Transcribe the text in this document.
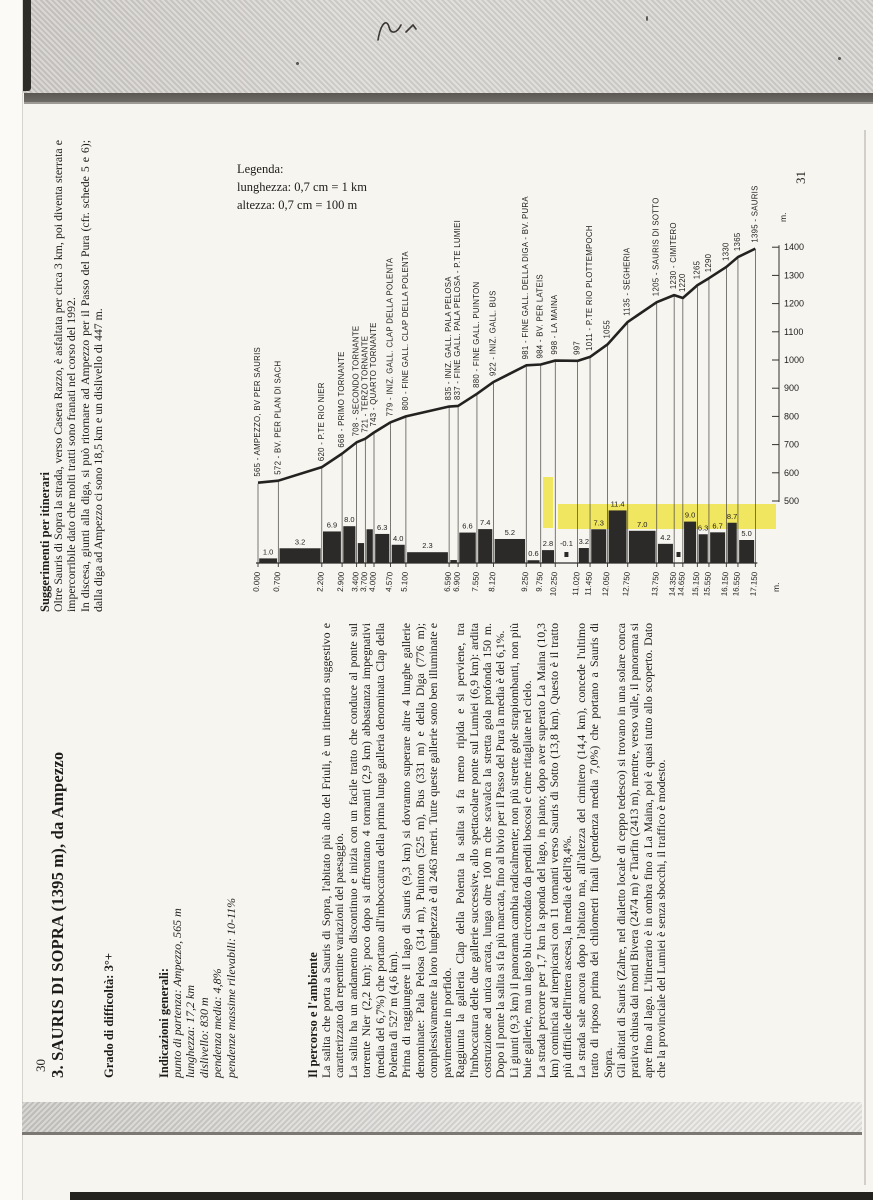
Suggerimenti per itinerari Oltre Sauris di Sopra la strada, verso Casera Razzo, è asfaltata per circa 3 km, poi diventa sterrata e impercorribile dato che molti tratti sono franati nel corso del 1992. In discesa, giunti alla diga, si può ritornare ad Ampezzo per il Passo del Pura (cfr. schede 5 e 6); dalla diga ad Ampezzo ci sono 18,5 km e un dislivello di 447 m.

31
Legenda:
lunghezza: 0,7 cm = 1 km
altezza: 0,7 cm = 100 m
1.0
3.2
6.9
8.0
6.3
4.0
2.3
6.6 7.4
5.2
0.6
2.8 -0.1 3.2
7.3
11.4
7.0
4.2
9.0
6.3 6.7
8.7
5.0
0.000
565 - AMPEZZO, BV PER SAURIS
0.700
572 - BV. PER PLAN DI SACH
2.200
620 - P.TE RIO NIER
2.900
668 - PRIMO TORNANTE
3.400
708 - SECONDO TORNANTE
3.700
721 - TERZO TORNANTE
4.000
743 - QUARTO TORNANTE
4.570
779 - INIZ. GALL. CLAP DELLA POLENTA
5.100
800 - FINE GALL. CLAP DELLA POLENTA
6.590
835 - INIZ. GALL. PALA PELOSA
6.900
837 - FINE GALL. PALA PELOSA - P.TE LUMIEI
7.550
880 - FINE GALL. PUINTON
8.120
922 - INIZ. GALL. BUS
9.250
981 - FINE GALL. DELLA DIGA - BV. PURA
9.750
984 - BV. PER LATEIS
10.250
998 - LA MAINA
11.020
997
11.450
1011 - P.TE RIO PLOTTEMPOCH
12.050
1055
12.750
1135 - SEGHERIA
13.750
1205 - SAURIS DI SOTTO
14.350
1230 - CIMITERO
14.650
1220
15.150
1265
15.550
1290
16.150
1330
16.550
1365
17.150
1395 - SAURIS
500
600
700
800
900
1000
1100
1200
1300
1400
m.
m.
3. SAURIS DI SOPRA (1395 m), da Ampezzo	Grado di difficoltà: 3°+	Indicazioni generali: punto di partenza: Ampezzo, 565 m lunghezza: 17,2 km dislivello: 830 m pendenza media: 4,8% pendenze massime rilevabili: 10-11%	Il percorso e l'ambiente La salita che porta a Sauris di Sopra, l'abitato più alto del Friuli, è un itinerario suggestivo e caratterizzato da repentine variazioni del paesaggio. La salita ha un andamento discontinuo e inizia con un facile tratto che conduce al ponte sul torrente Nier (2,2 km); poco dopo si affrontano 4 tornanti (2,9 km) abbastanza impegnativi (media del 6,7%) che portano all'imboccatura della prima lunga galleria denominata Clap della Polenta di 527 m (4,6 km). Prima di raggiungere il lago di Sauris (9,3 km) si dovranno superare altre 4 lunghe gallerie denominate: Pala Pelosa (314 m), Puinton (525 m), Bus (331 m) e della Diga (776 m); complessivamente la loro lunghezza è di 2463 metri. Tutte queste gallerie sono ben illuminate e pavimentate in porfido. Raggiunta la galleria Clap della Polenta la salita si fa meno ripida e si perviene, tra l'imboccatura delle due gallerie successive, allo spettacolare ponte sul Lumiei (6,9 km): ardita costruzione ad unica arcata, lunga oltre 100 m che scavalca la stretta gola profonda 150 m. Dopo il ponte la salita si fa più marcata, fino al bivio per il Passo del Pura la media è del 6,1%. Lì giunti (9,3 km) il panorama cambia radicalmente; non più strette gole strapiombanti, non più buie gallerie, ma un lago blu circondato da pendii boscosi e cime ritagliate nel cielo. La strada percorre per 1,7 km la sponda del lago, in piano; dopo aver superato La Maina (10,3 km) comincia ad inerpicarsi con 11 tornanti verso Sauris di Sotto (13,8 km). Questo è il tratto più difficile dell'intera ascesa, la media è dell'8,4%. La strada sale ancora dopo l'abitato ma, all'altezza del cimitero (14,4 km), concede l'ultimo tratto di riposo prima dei chilometri finali (pendenza media 7,0%) che portano a Sauris di Sopra. Gli abitati di Sauris (Zahre, nel dialetto locale di ceppo tedesco) si trovano in una solare conca prativa chiusa dai monti Bivera (2474 m) e Tiarfin (2413 m), mentre, verso valle, il panorama si apre fino al lago. L'itinerario è in ombra fino a La Maina, poi è quasi tutto allo scoperto. Dato che la provinciale del Lumiei è senza sbocchi, il traffico è modesto.

30
